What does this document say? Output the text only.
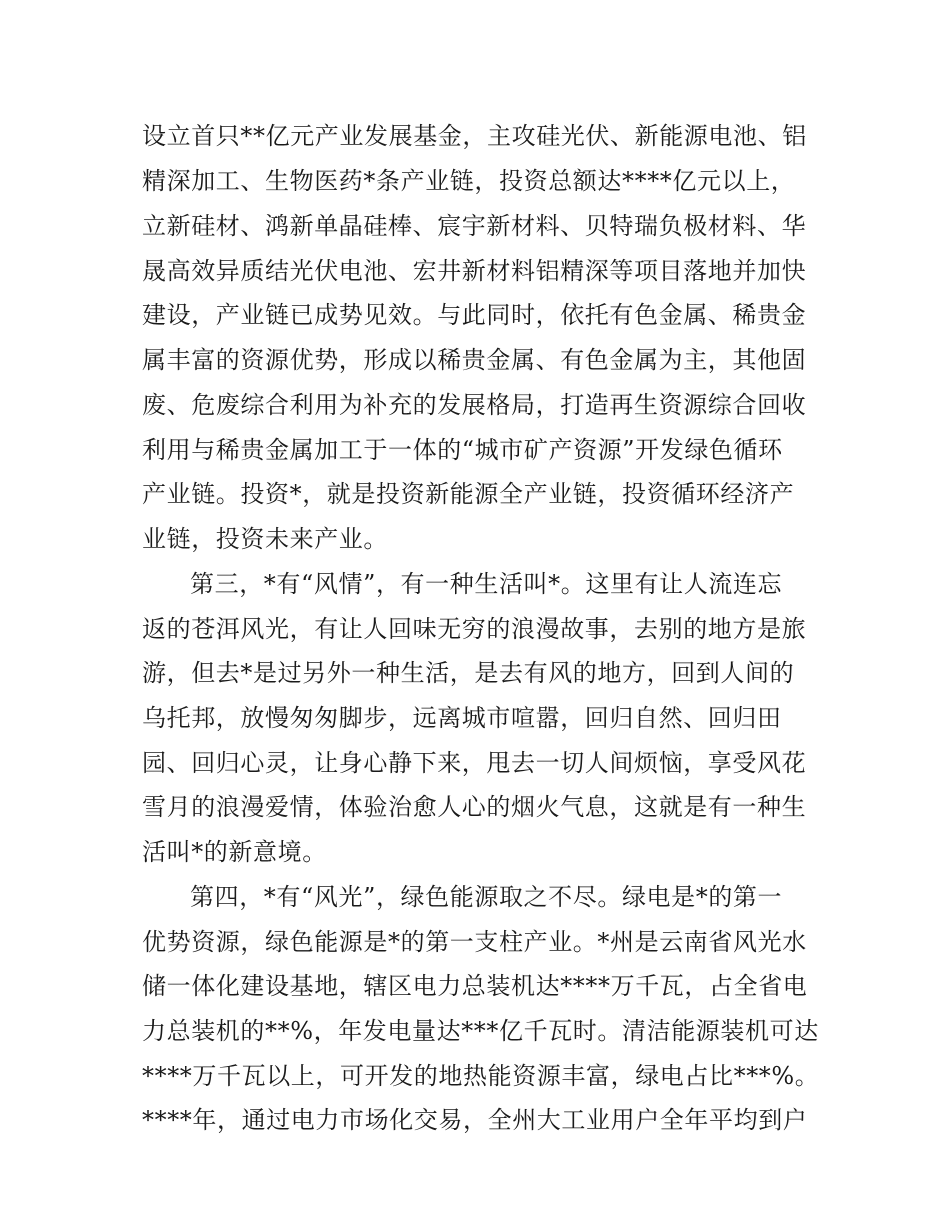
设立首只**亿元产业发展基金，主攻硅光伏、新能源电池、铝
精深加工、生物医药*条产业链，投资总额达****亿元以上，
立新硅材、鸿新单晶硅棒、宸宇新材料、贝特瑞负极材料、华
晟高效异质结光伏电池、宏井新材料铝精深等项目落地并加快
建设，产业链已成势见效。与此同时，依托有色金属、稀贵金
属丰富的资源优势，形成以稀贵金属、有色金属为主，其他固
废、危废综合利用为补充的发展格局，打造再生资源综合回收
利用与稀贵金属加工于一体的“城市矿产资源”开发绿色循环
产业链。投资*，就是投资新能源全产业链，投资循环经济产
业链，投资未来产业。
第三，*有“风情”，有一种生活叫*。这里有让人流连忘
返的苍洱风光，有让人回味无穷的浪漫故事，去别的地方是旅
游，但去*是过另外一种生活，是去有风的地方，回到人间的
乌托邦，放慢匆匆脚步，远离城市喧嚣，回归自然、回归田
园、回归心灵，让身心静下来，甩去一切人间烦恼，享受风花
雪月的浪漫爱情，体验治愈人心的烟火气息，这就是有一种生
活叫*的新意境。
第四，*有“风光”，绿色能源取之不尽。绿电是*的第一
优势资源，绿色能源是*的第一支柱产业。*州是云南省风光水
储一体化建设基地，辖区电力总装机达****万千瓦，占全省电
力总装机的**%，年发电量达***亿千瓦时。清洁能源装机可达
****万千瓦以上，可开发的地热能资源丰富，绿电占比***%。
****年，通过电力市场化交易，全州大工业用户全年平均到户
